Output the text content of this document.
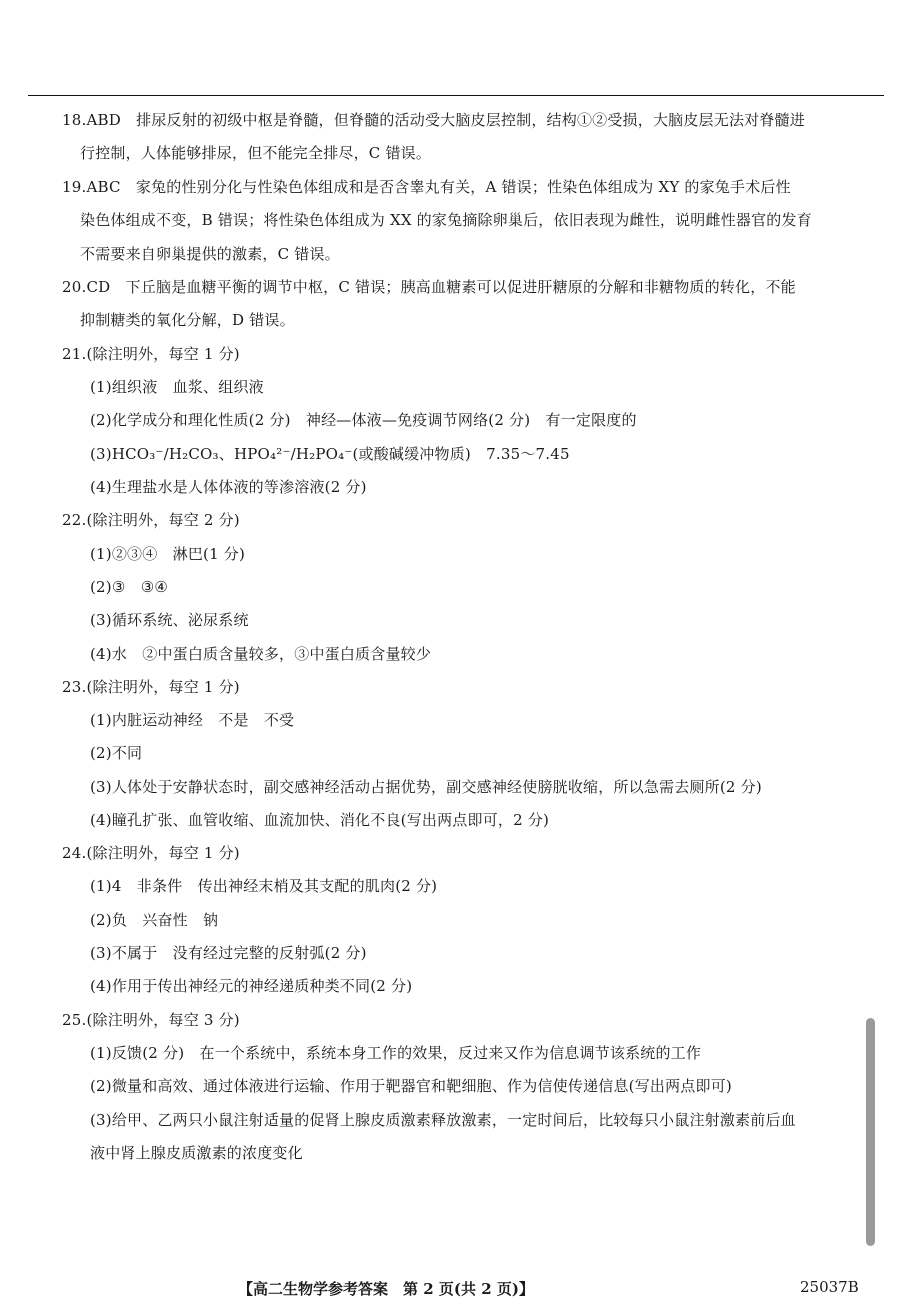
18.ABD　排尿反射的初级中枢是脊髓，但脊髓的活动受大脑皮层控制，结构①②受损，大脑皮层无法对脊髓进
行控制，人体能够排尿，但不能完全排尽，C 错误。
19.ABC　家兔的性别分化与性染色体组成和是否含睾丸有关，A 错误；性染色体组成为 XY 的家兔手术后性
染色体组成不变，B 错误；将性染色体组成为 XX 的家兔摘除卵巢后，依旧表现为雌性，说明雌性器官的发育
不需要来自卵巢提供的激素，C 错误。
20.CD　下丘脑是血糖平衡的调节中枢，C 错误；胰高血糖素可以促进肝糖原的分解和非糖物质的转化，不能
抑制糖类的氧化分解，D 错误。
21.(除注明外，每空 1 分)
(1)组织液　血浆、组织液
(2)化学成分和理化性质(2 分)　神经—体液—免疫调节网络(2 分)　有一定限度的
(3)HCO₃⁻/H₂CO₃、HPO₄²⁻/H₂PO₄⁻(或酸碱缓冲物质)　7.35～7.45
(4)生理盐水是人体体液的等渗溶液(2 分)
22.(除注明外，每空 2 分)
(1)②③④　淋巴(1 分)
(2)③　③④
(3)循环系统、泌尿系统
(4)水　②中蛋白质含量较多，③中蛋白质含量较少
23.(除注明外，每空 1 分)
(1)内脏运动神经　不是　不受
(2)不同
(3)人体处于安静状态时，副交感神经活动占据优势，副交感神经使膀胱收缩，所以急需去厕所(2 分)
(4)瞳孔扩张、血管收缩、血流加快、消化不良(写出两点即可，2 分)
24.(除注明外，每空 1 分)
(1)4　非条件　传出神经末梢及其支配的肌肉(2 分)
(2)负　兴奋性　钠
(3)不属于　没有经过完整的反射弧(2 分)
(4)作用于传出神经元的神经递质种类不同(2 分)
25.(除注明外，每空 3 分)
(1)反馈(2 分)　在一个系统中，系统本身工作的效果，反过来又作为信息调节该系统的工作
(2)微量和高效、通过体液进行运输、作用于靶器官和靶细胞、作为信使传递信息(写出两点即可)
(3)给甲、乙两只小鼠注射适量的促肾上腺皮质激素释放激素，一定时间后，比较每只小鼠注射激素前后血
液中肾上腺皮质激素的浓度变化
【高二生物学参考答案　第 2 页(共 2 页)】	25037B
